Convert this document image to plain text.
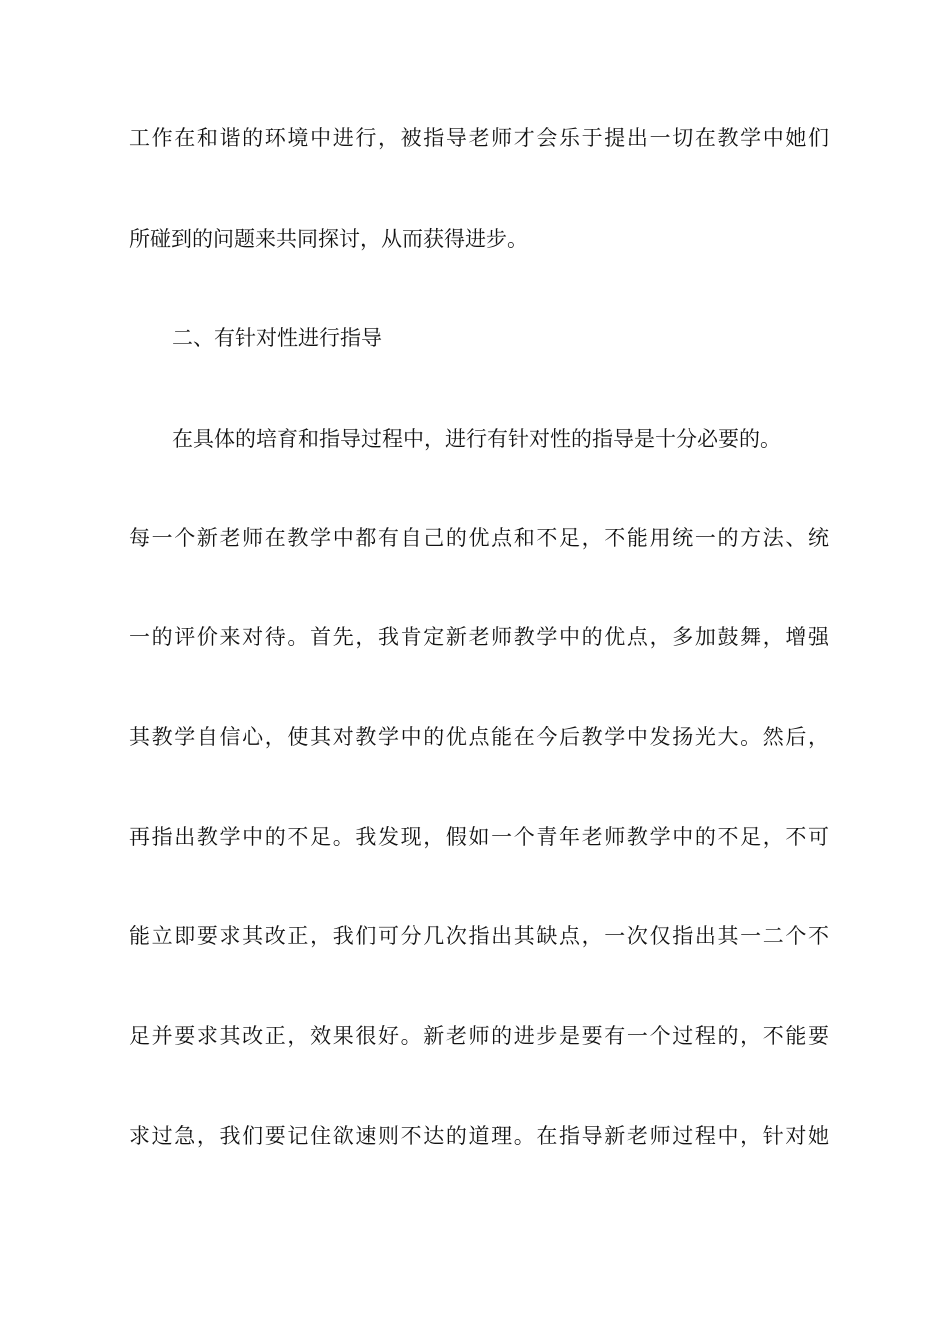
工作在和谐的环境中进行，被指导老师才会乐于提出一切在教学中她们
所碰到的问题来共同探讨，从而获得进步。
二、有针对性进行指导
在具体的培育和指导过程中，进行有针对性的指导是十分必要的。
每一个新老师在教学中都有自己的优点和不足，不能用统一的方法、统
一的评价来对待。首先，我肯定新老师教学中的优点，多加鼓舞，增强
其教学自信心，使其对教学中的优点能在今后教学中发扬光大。然后，
再指出教学中的不足。我发现，假如一个青年老师教学中的不足，不可
能立即要求其改正，我们可分几次指出其缺点，一次仅指出其一二个不
足并要求其改正，效果很好。新老师的进步是要有一个过程的，不能要
求过急，我们要记住欲速则不达的道理。在指导新老师过程中，针对她
